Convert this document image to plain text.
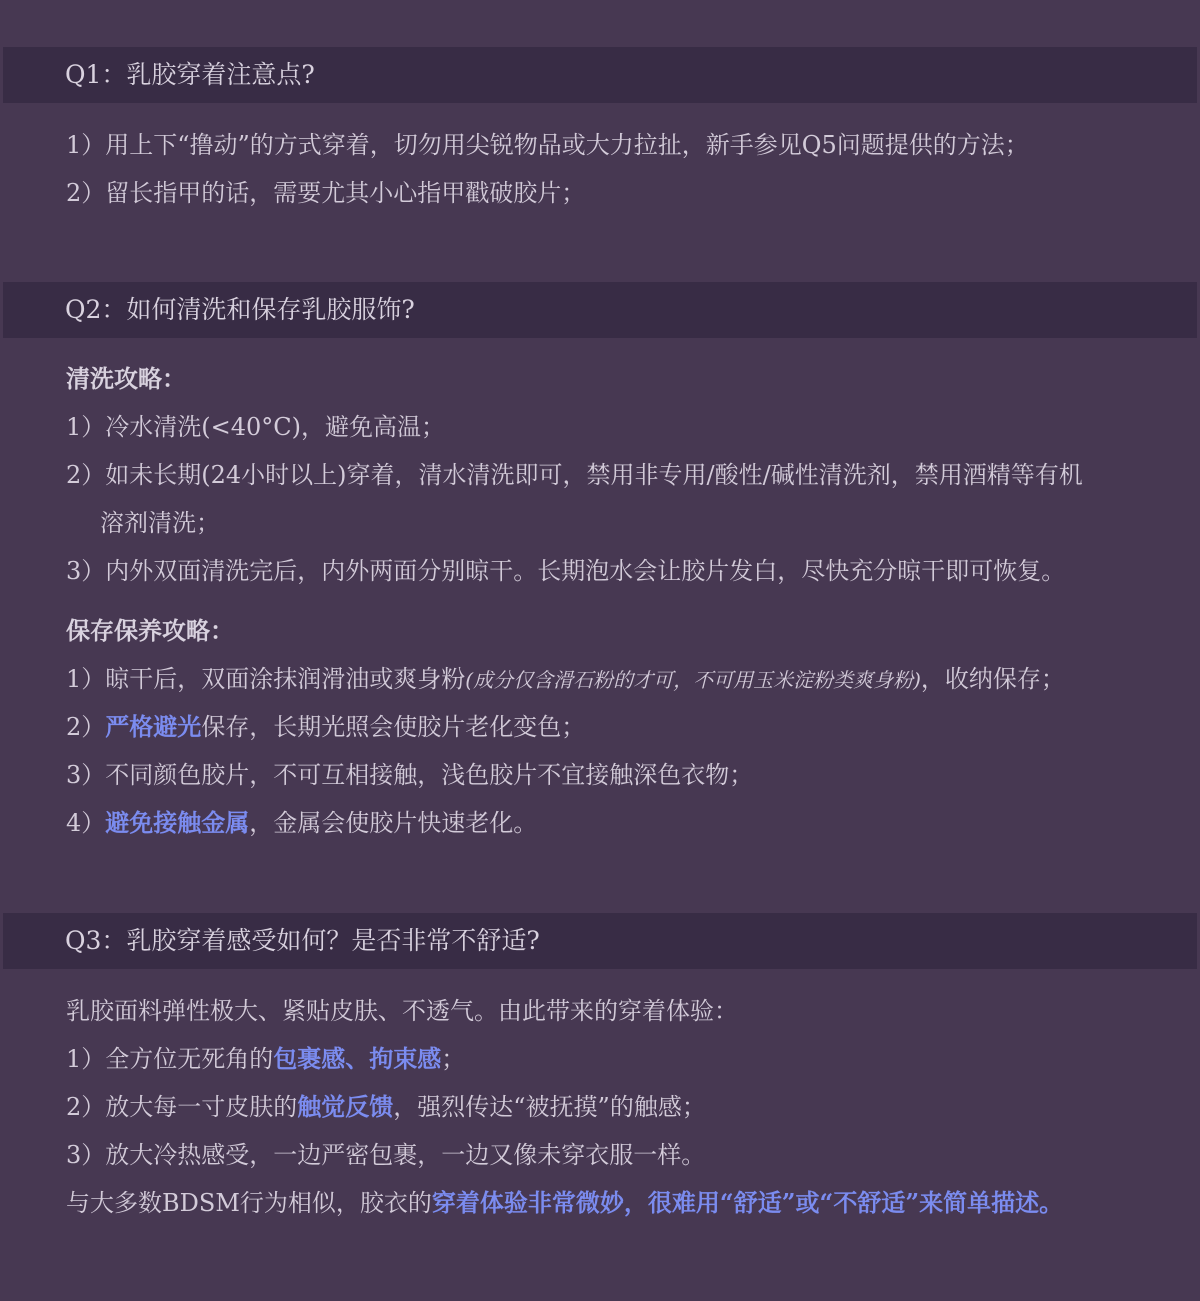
Q1：乳胶穿着注意点?
1）用上下“撸动”的方式穿着，切勿用尖锐物品或大力拉扯，新手参见Q5问题提供的方法；
2）留长指甲的话，需要尤其小心指甲戳破胶片；
Q2：如何清洗和保存乳胶服饰?
清洗攻略：
1）冷水清洗(<40°C)，避免高温；
2）如未长期(24小时以上)穿着，清水清洗即可，禁用非专用/酸性/碱性清洗剂，禁用酒精等有机
溶剂清洗；
3）内外双面清洗完后，内外两面分别晾干。长期泡水会让胶片发白，尽快充分晾干即可恢复。
保存保养攻略：
1）晾干后，双面涂抹润滑油或爽身粉(成分仅含滑石粉的才可，不可用玉米淀粉类爽身粉)，收纳保存；
2）严格避光保存，长期光照会使胶片老化变色；
3）不同颜色胶片，不可互相接触，浅色胶片不宜接触深色衣物；
4）避免接触金属，金属会使胶片快速老化。
Q3：乳胶穿着感受如何？是否非常不舒适?
乳胶面料弹性极大、紧贴皮肤、不透气。由此带来的穿着体验：
1）全方位无死角的包裹感、拘束感；
2）放大每一寸皮肤的触觉反馈，强烈传达“被抚摸”的触感；
3）放大冷热感受，一边严密包裹，一边又像未穿衣服一样。
与大多数BDSM行为相似，胶衣的穿着体验非常微妙，很难用“舒适”或“不舒适”来简单描述。
